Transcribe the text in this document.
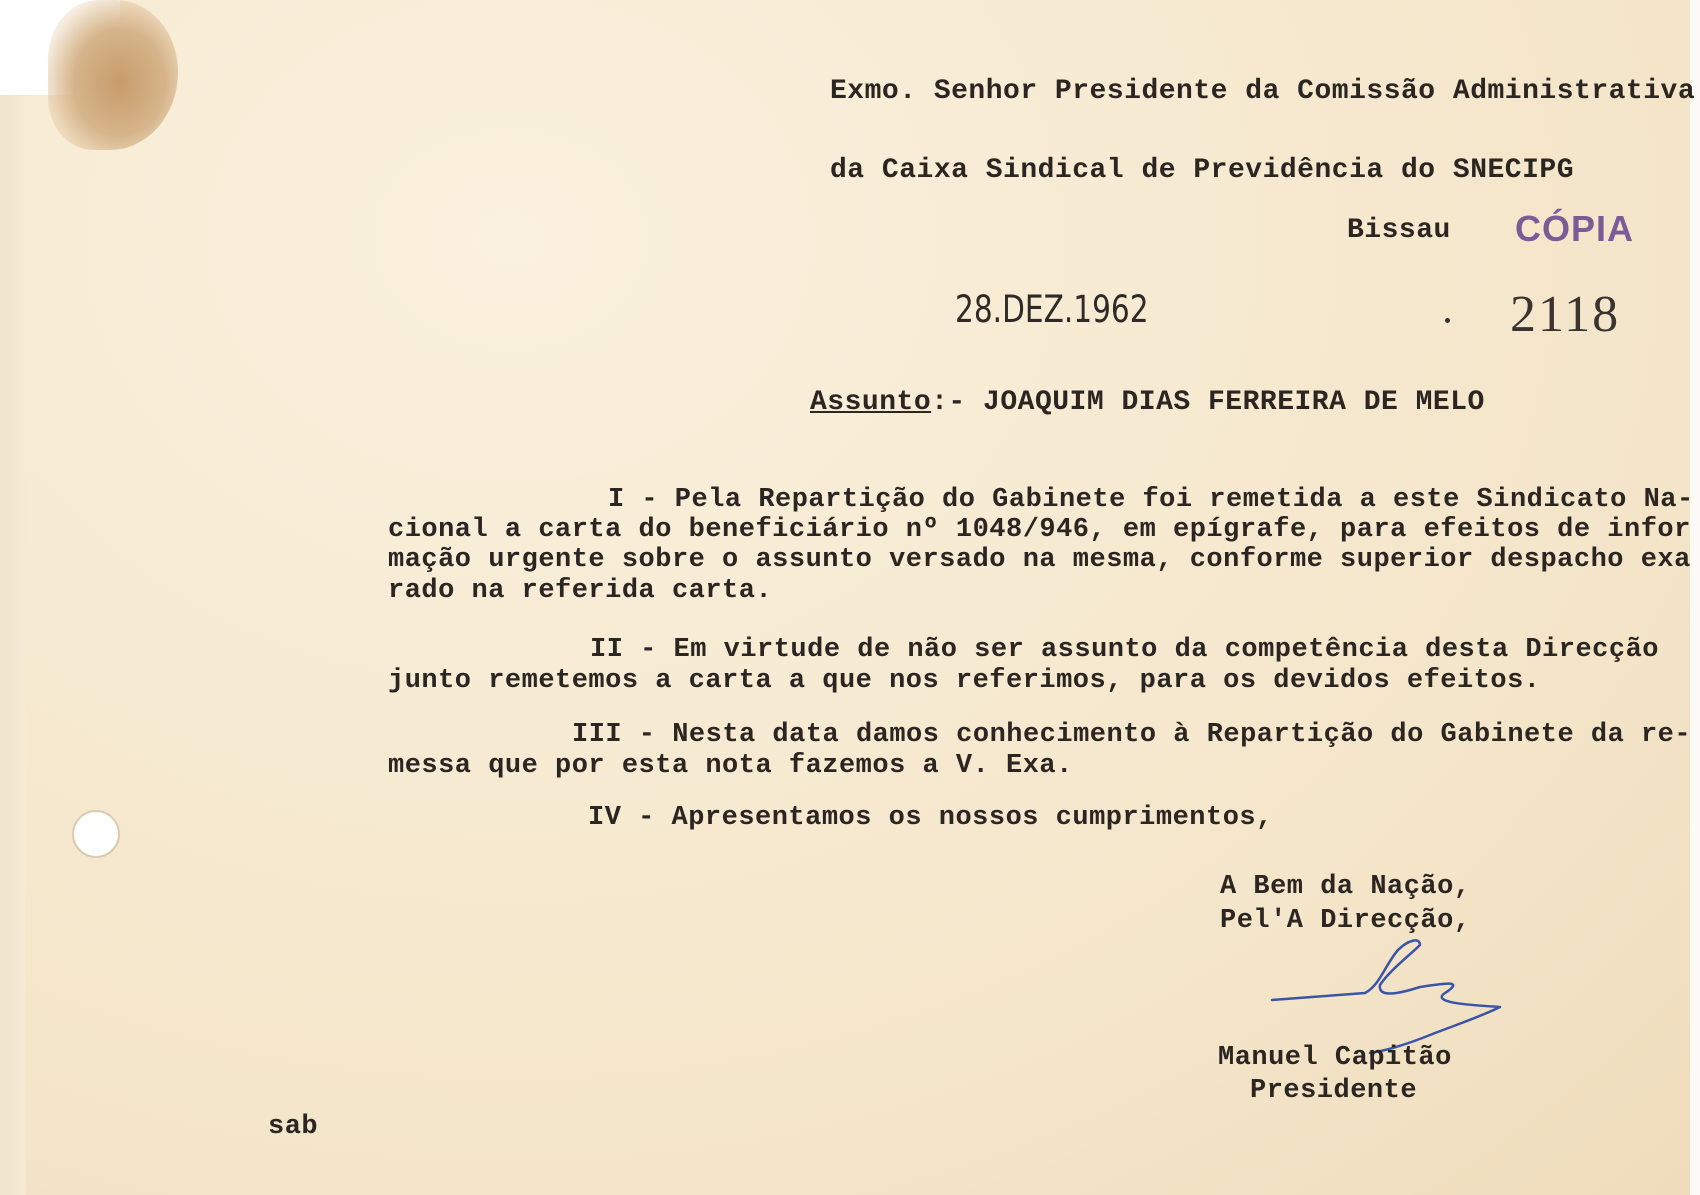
Exmo. Senhor Presidente da Comissão Administrativa
da Caixa Sindical de Previdência do SNECIPG
Bissau CÓPIA
28.DEZ.1962	2118
Assunto:- JOAQUIM DIAS FERREIRA DE MELO
I - Pela Repartição do Gabinete foi remetida a este Sindicato Na-
cional a carta do beneficiário nº 1048/946, em epígrafe, para efeitos de infor
mação urgente sobre o assunto versado na mesma, conforme superior despacho exa
rado na referida carta.
II - Em virtude de não ser assunto da competência desta Direcção
junto remetemos a carta a que nos referimos, para os devidos efeitos.
III - Nesta data damos conhecimento à Repartição do Gabinete da re-
messa que por esta nota fazemos a V. Exa.
IV - Apresentamos os nossos cumprimentos,
A Bem da Nação,
Pel'A Direcção,
Manuel Capitão
Presidente
sab
